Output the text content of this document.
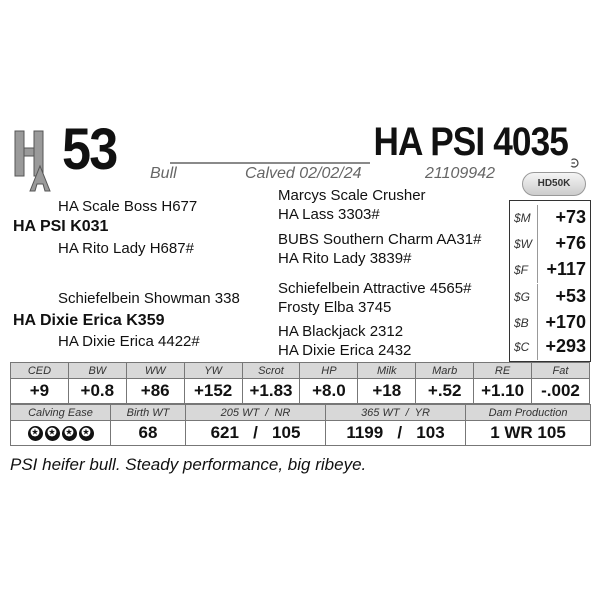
53	HA PSI 4035
Bull	Calved 02/02/24	21109942
HD50K
HA Scale Boss H677
HA PSI K031
HA Rito Lady H687#
Schiefelbein Showman 338
HA Dixie Erica K359
HA Dixie Erica 4422#
Marcys Scale Crusher
HA Lass 3303#
BUBS Southern Charm AA31#
HA Rito Lady 3839#
Schiefelbein Attractive 4565#
Frosty Elba 3745
HA Blackjack 2312
HA Dixie Erica 2432
$M +73
$W +76
$F +117
$G +53
$B +170
$C +293
CED	BW	WW	YW	Scrot	HP	Milk	Marb	RE	Fat
+9	+0.8	+86	+152	+1.83	+8.0	+18	+.52	+1.10	-.002
Calving Ease	Birth WT	205 WT  /  NR	365 WT  /  YR	Dam Production
✪ ✪ ✪ ✪	68	621   /   105	1199   /   103	1 WR 105
PSI heifer bull. Steady performance, big ribeye.
